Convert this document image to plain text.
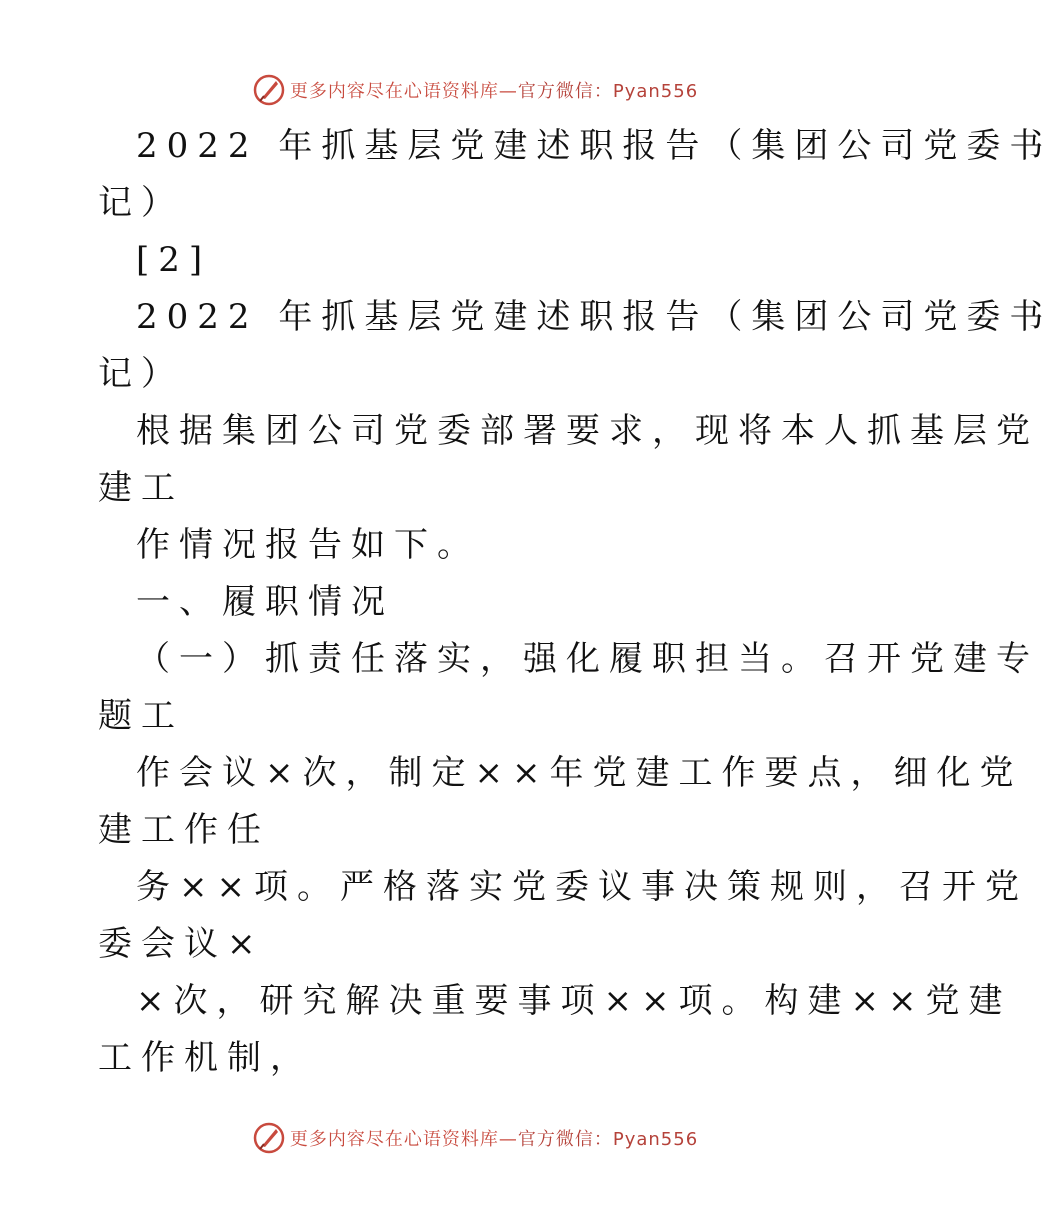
更多内容尽在心语资料库—官方微信：Pyan556

2022 年抓基层党建述职报告（集团公司党委书

记）

[2]

2022 年抓基层党建述职报告（集团公司党委书

记）

根据集团公司党委部署要求，现将本人抓基层党

建工

作情况报告如下。

一、履职情况

（一）抓责任落实，强化履职担当。召开党建专

题工

作会议×次，制定××年党建工作要点，细化党

建工作任

务××项。严格落实党委议事决策规则，召开党

委会议×

×次，研究解决重要事项××项。构建××党建

工作机制，

更多内容尽在心语资料库—官方微信：Pyan556
